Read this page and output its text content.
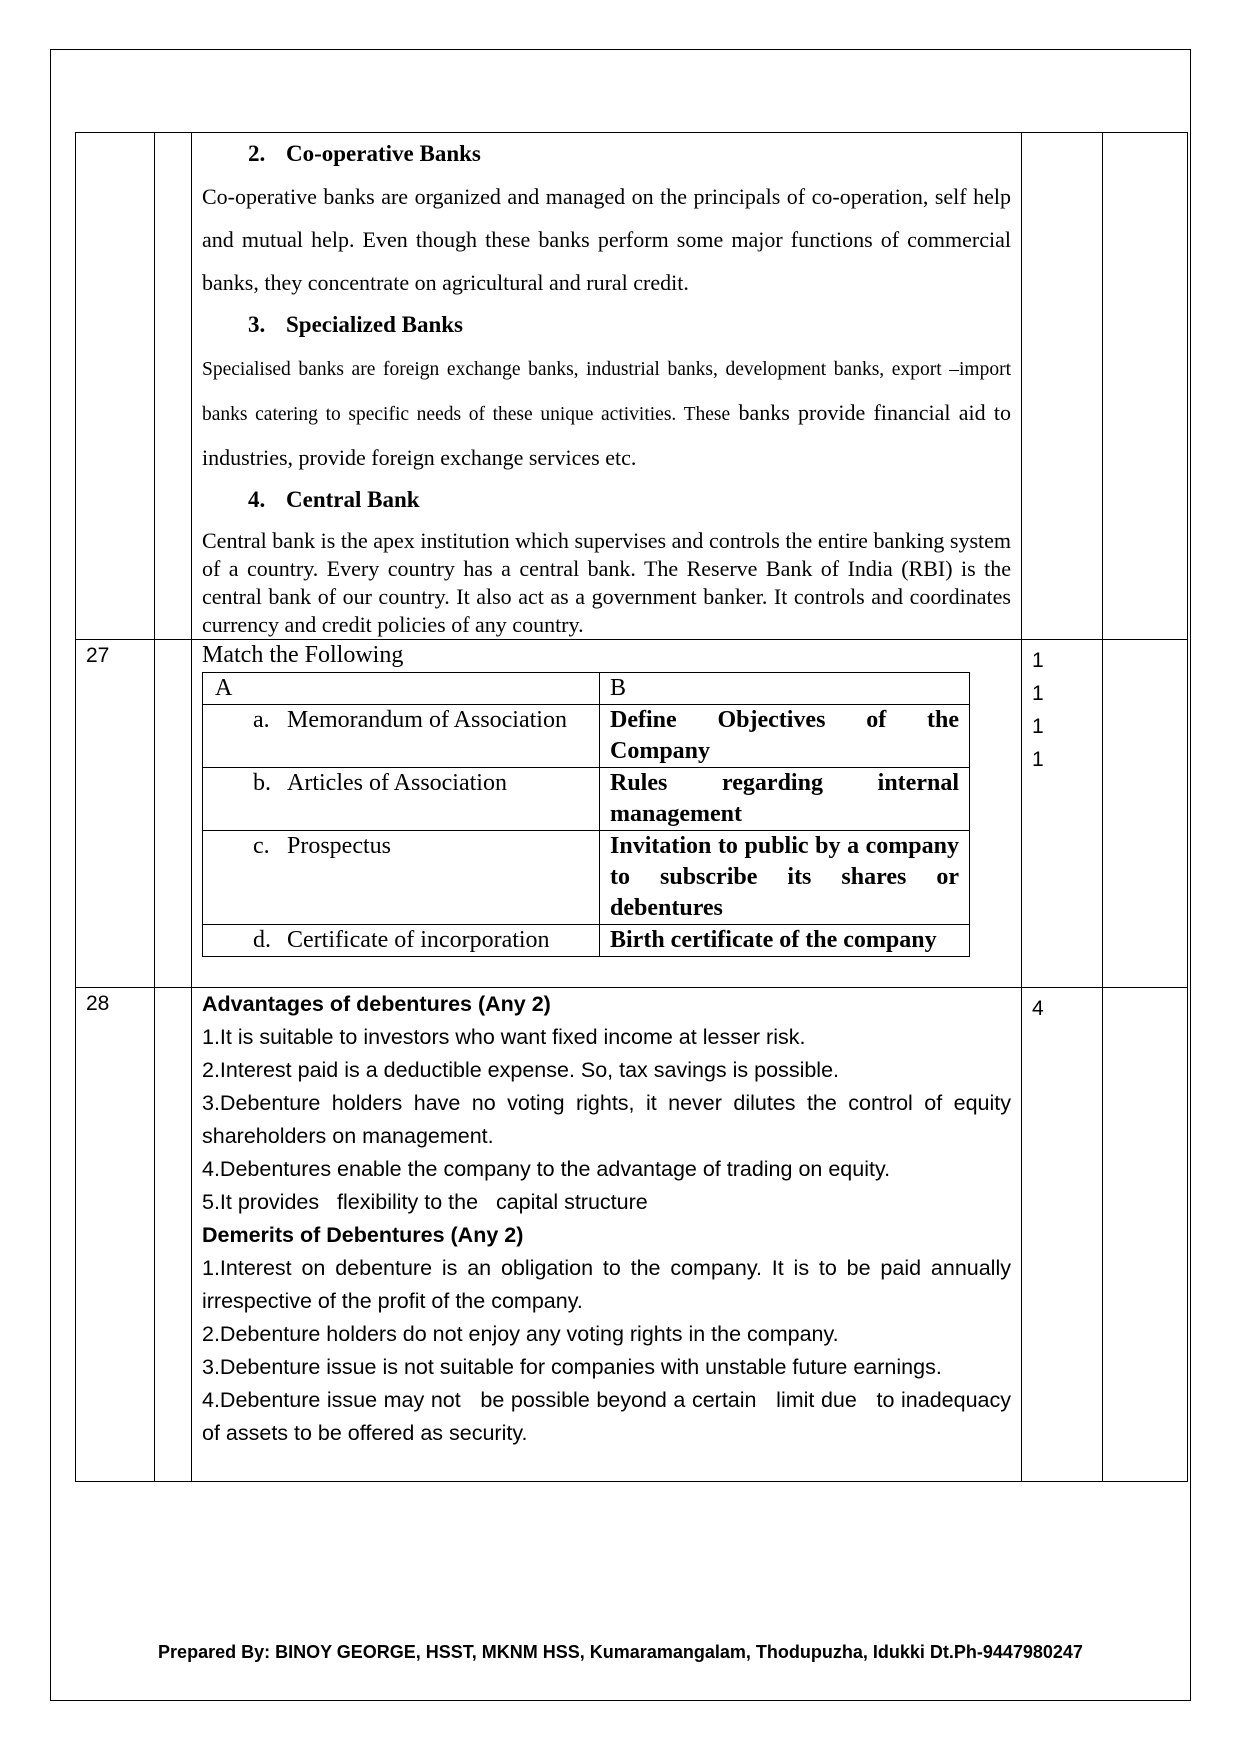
2. Co-operative Banks
Co-operative banks are organized and managed on the principals of co-operation, self help and mutual help. Even though these banks perform some major functions of commercial banks, they concentrate on agricultural and rural credit.
3. Specialized Banks
Specialised banks are foreign exchange banks, industrial banks, development banks, export –import banks catering to specific needs of these unique activities. These banks provide financial aid to industries, provide foreign exchange services etc.
4. Central Bank
Central bank is the apex institution which supervises and controls the entire banking system of a country. Every country has a central bank. The Reserve Bank of India (RBI) is the central bank of our country. It also act as a government banker. It controls and coordinates currency and credit policies of any country.

27		Match the Following
A	B

a. Memorandum of Association	Define Objectives of the Company

b. Articles of Association	Rules regarding internal management

c. Prospectus	Invitation to public by a company to subscribe its shares or debentures

d. Certificate of incorporation	Birth certificate of the company

1
1
1
1

28		Advantages of debentures (Any 2)
1.It is suitable to investors who want fixed income at lesser risk.
2.Interest paid is a deductible expense. So, tax savings is possible.
3.Debenture holders have no voting rights, it never dilutes the control of equity shareholders on management.
4.Debentures enable the company to the advantage of trading on equity.
5.It provides   flexibility to the   capital structure
Demerits of Debentures (Any 2)
1.Interest on debenture is an obligation to the company. It is to be paid annually irrespective of the profit of the company.
2.Debenture holders do not enjoy any voting rights in the company.
3.Debenture issue is not suitable for companies with unstable future earnings.
4.Debenture issue may not   be possible beyond a certain   limit due   to inadequacy of assets to be offered as security.
	4	
Prepared By: BINOY GEORGE, HSST, MKNM HSS, Kumaramangalam, Thodupuzha, Idukki Dt.Ph-9447980247
